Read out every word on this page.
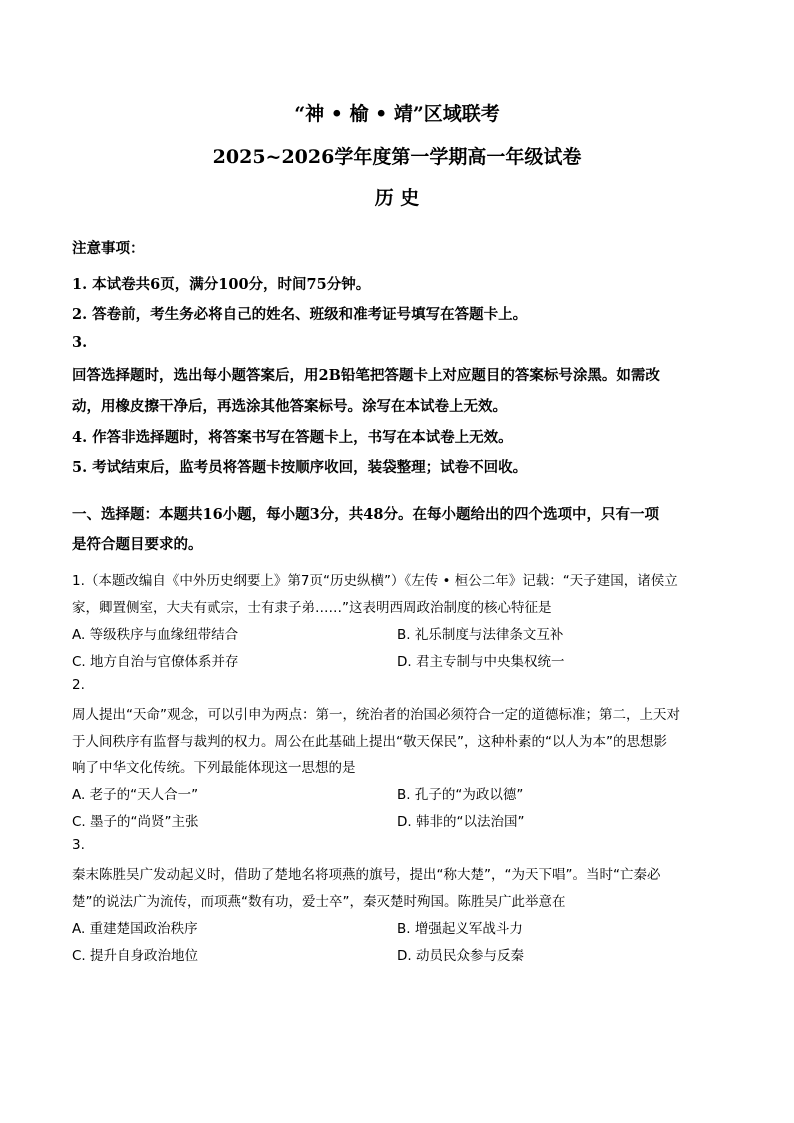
“神 • 榆 • 靖”区域联考
2025~2026学年度第一学期高一年级试卷
历 史
注意事项：
1. 本试卷共6页，满分100分，时间75分钟。
2. 答卷前，考生务必将自己的姓名、班级和准考证号填写在答题卡上。
3.
回答选择题时，选出每小题答案后，用2B铅笔把答题卡上对应题目的答案标号涂黑。如需改
动，用橡皮擦干净后，再选涂其他答案标号。涂写在本试卷上无效。
4. 作答非选择题时，将答案书写在答题卡上，书写在本试卷上无效。
5. 考试结束后，监考员将答题卡按顺序收回，装袋整理；试卷不回收。
一、选择题：本题共16小题，每小题3分，共48分。在每小题给出的四个选项中，只有一项
是符合题目要求的。
1.（本题改编自《中外历史纲要上》第7页“历史纵横”）《左传 • 桓公二年》记载：“天子建国，诸侯立
家，卿置侧室，大夫有贰宗，士有隶子弟……”这表明西周政治制度的核心特征是
A. 等级秩序与血缘纽带结合	B. 礼乐制度与法律条文互补
C. 地方自治与官僚体系并存	D. 君主专制与中央集权统一
2.
周人提出“天命”观念，可以引申为两点：第一，统治者的治国必须符合一定的道德标准；第二，上天对
于人间秩序有监督与裁判的权力。周公在此基础上提出“敬天保民”，这种朴素的“以人为本”的思想影
响了中华文化传统。下列最能体现这一思想的是
A. 老子的“天人合一”	B. 孔子的“为政以德”
C. 墨子的“尚贤”主张	D. 韩非的“以法治国”
3.
秦末陈胜吴广发动起义时，借助了楚地名将项燕的旗号，提出“称大楚”，“为天下唱”。当时“亡秦必
楚”的说法广为流传，而项燕“数有功，爱士卒”，秦灭楚时殉国。陈胜吴广此举意在
A. 重建楚国政治秩序	B. 增强起义军战斗力
C. 提升自身政治地位	D. 动员民众参与反秦
